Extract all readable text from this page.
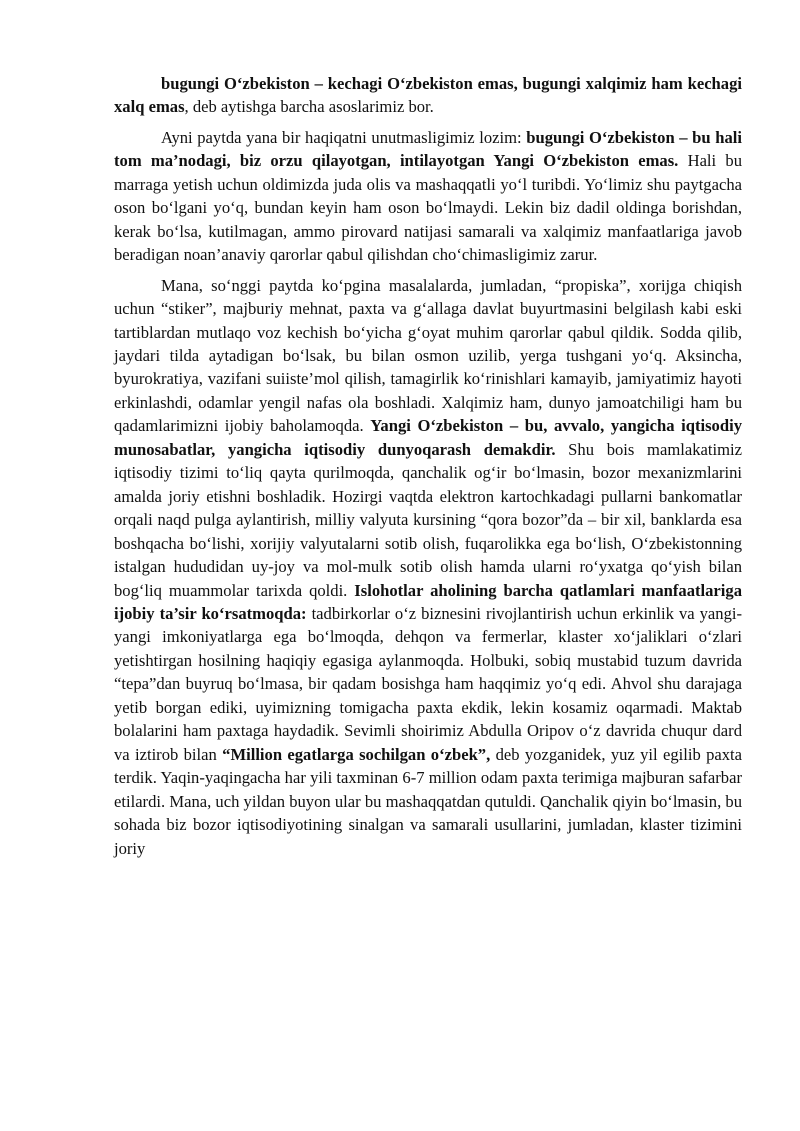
bugungi O‘zbekiston – kechagi O‘zbekiston emas, bugungi xalqimiz ham kechagi xalq emas, deb aytishga barcha asoslarimiz bor.

Ayni paytda yana bir haqiqatni unutmasligimiz lozim: bugungi O‘zbekiston – bu hali tom ma’nodagi, biz orzu qilayotgan, intilayotgan Yangi O‘zbekiston emas. Hali bu marraga yetish uchun oldimizda juda olis va mashaqqatli yo‘l turibdi. Yo‘limiz shu paytgacha oson bo‘lgani yo‘q, bundan keyin ham oson bo‘lmaydi. Lekin biz dadil oldinga borishdan, kerak bo‘lsa, kutilmagan, ammo pirovard natijasi samarali va xalqimiz manfaatlariga javob beradigan noan’anaviy qarorlar qabul qilishdan cho‘chimasligimiz zarur.

Mana, so‘nggi paytda ko‘pgina masalalarda, jumladan, “propiska”, xorijga chiqish uchun “stiker”, majburiy mehnat, paxta va g‘allaga davlat buyurtmasini belgilash kabi eski tartiblardan mutlaqo voz kechish bo‘yicha g‘oyat muhim qarorlar qabul qildik. Sodda qilib, jaydari tilda aytadigan bo‘lsak, bu bilan osmon uzilib, yerga tushgani yo‘q. Aksincha, byurokratiya, vazifani suiiste’mol qilish, tamagirlik ko‘rinishlari kamayib, jamiyatimiz hayoti erkinlashdi, odamlar yengil nafas ola boshladi. Xalqimiz ham, dunyo jamoatchiligi ham bu qadamlarimizni ijobiy baholamoqda. Yangi O‘zbekiston – bu, avvalo, yangicha iqtisodiy munosabatlar, yangicha iqtisodiy dunyoqarash demakdir. Shu bois mamlakatimiz iqtisodiy tizimi to‘liq qayta qurilmoqda, qanchalik og‘ir bo‘lmasin, bozor mexanizmlarini amalda joriy etishni boshladik. Hozirgi vaqtda elektron kartochkadagi pullarni bankomatlar orqali naqd pulga aylantirish, milliy valyuta kursining “qora bozor”da – bir xil, banklarda esa boshqacha bo‘lishi, xorijiy valyutalarni sotib olish, fuqarolikka ega bo‘lish, O‘zbekistonning istalgan hududidan uy-joy va mol-mulk sotib olish hamda ularni ro‘yxatga qo‘yish bilan bog‘liq muammolar tarixda qoldi. Islohotlar aholining barcha qatlamlari manfaatlariga ijobiy ta’sir ko‘rsatmoqda: tadbirkorlar o‘z biznesini rivojlantirish uchun erkinlik va yangi-yangi imkoniyatlarga ega bo‘lmoqda, dehqon va fermerlar, klaster xo‘jaliklari o‘zlari yetishtirgan hosilning haqiqiy egasiga aylanmoqda. Holbuki, sobiq mustabid tuzum davrida “tepa”dan buyruq bo‘lmasa, bir qadam bosishga ham haqqimiz yo‘q edi. Ahvol shu darajaga yetib borgan ediki, uyimizning tomigacha paxta ekdik, lekin kosamiz oqarmadi. Maktab bolalarini ham paxtaga haydadik. Sevimli shoirimiz Abdulla Oripov o‘z davrida chuqur dard va iztirob bilan “Million egatlarga sochilgan o‘zbek”, deb yozganidek, yuz yil egilib paxta terdik. Yaqin-yaqingacha har yili taxminan 6-7 million odam paxta terimiga majburan safarbar etilardi. Mana, uch yildan buyon ular bu mashaqqatdan qutuldi. Qanchalik qiyin bo‘lmasin, bu sohada biz bozor iqtisodiyotining sinalgan va samarali usullarini, jumladan, klaster tizimini joriy
